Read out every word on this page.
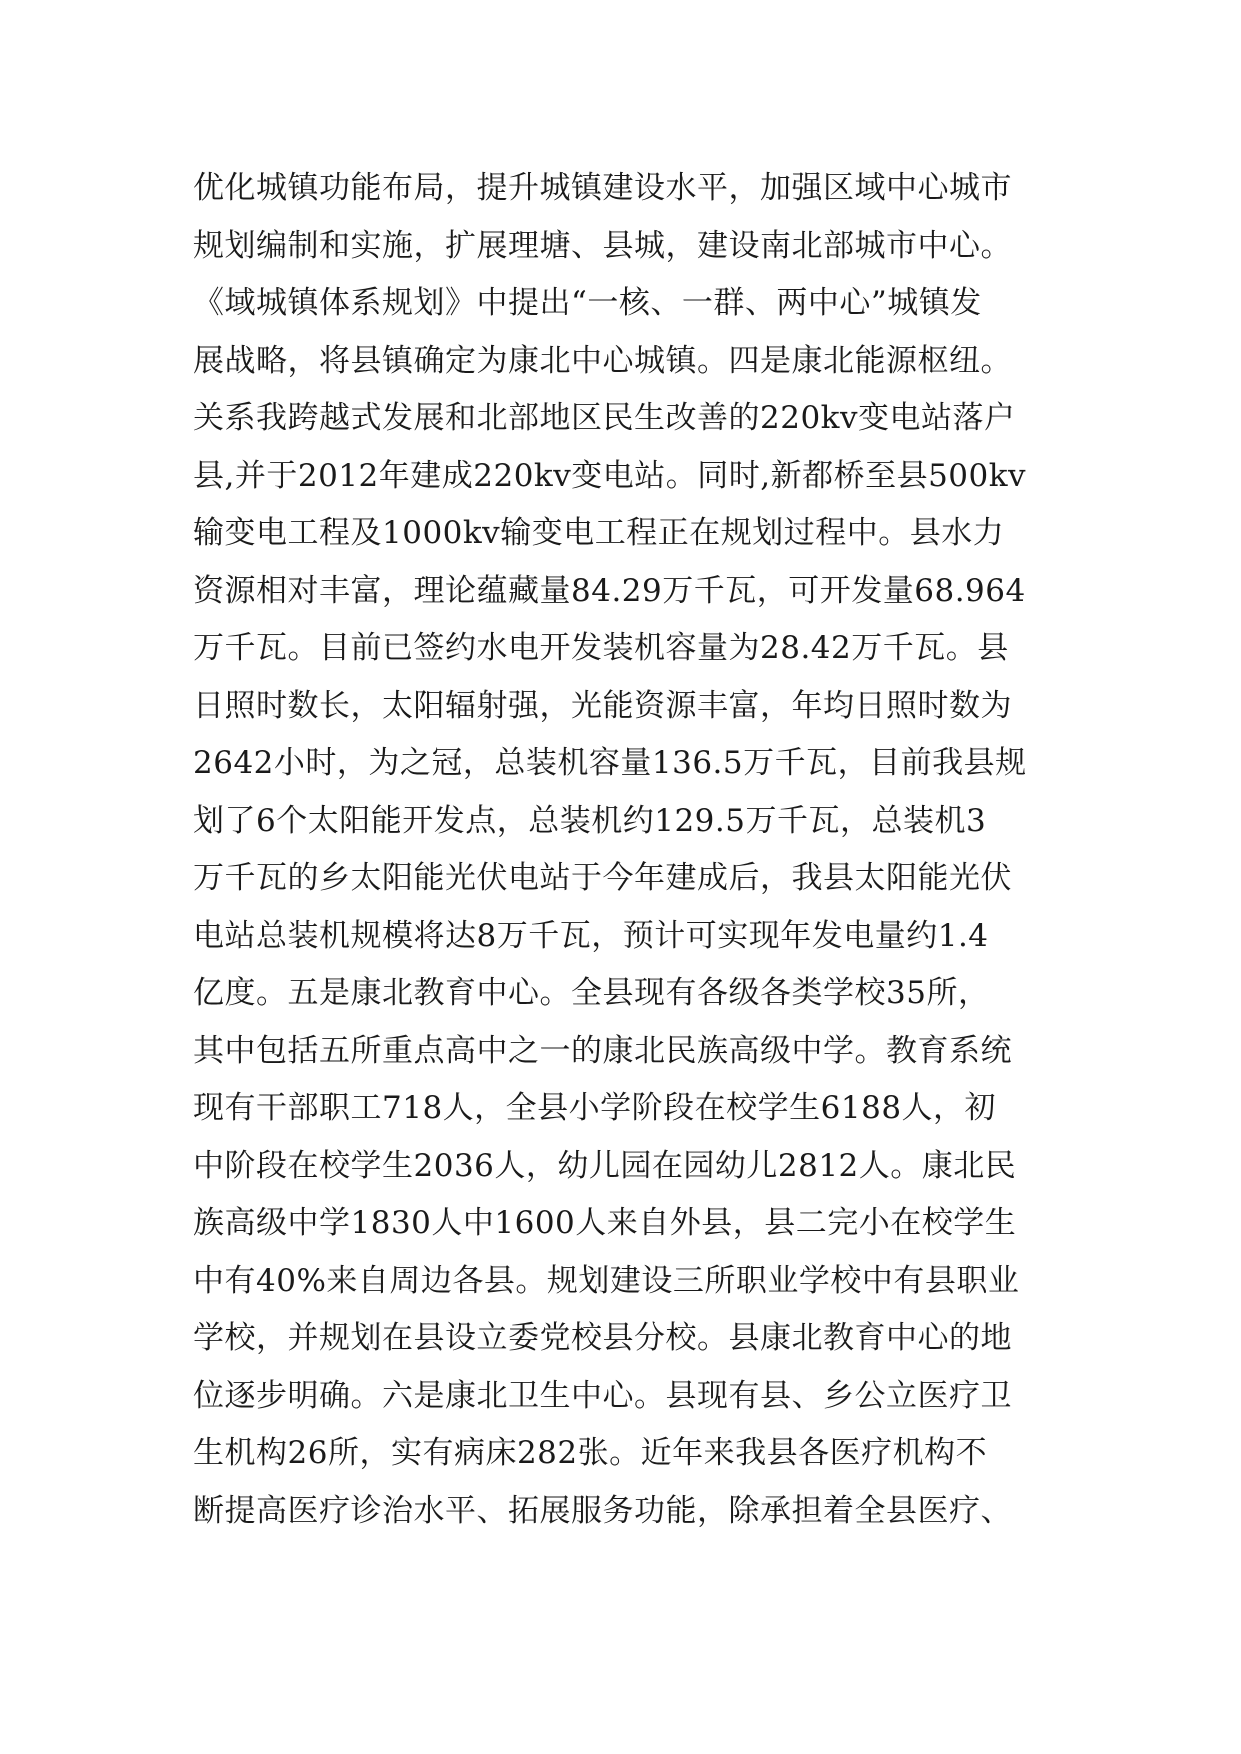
优化城镇功能布局，提升城镇建设水平，加强区域中心城市
规划编制和实施，扩展理塘、县城，建设南北部城市中心。
《域城镇体系规划》中提出“一核、一群、两中心”城镇发
展战略，将县镇确定为康北中心城镇。四是康北能源枢纽。
关系我跨越式发展和北部地区民生改善的220kv变电站落户
县,并于2012年建成220kv变电站。同时,新都桥至县500kv
输变电工程及1000kv输变电工程正在规划过程中。县水力
资源相对丰富，理论蕴藏量84.29万千瓦，可开发量68.964
万千瓦。目前已签约水电开发装机容量为28.42万千瓦。县
日照时数长，太阳辐射强，光能资源丰富，年均日照时数为
2642小时，为之冠，总装机容量136.5万千瓦，目前我县规
划了6个太阳能开发点，总装机约129.5万千瓦，总装机3
万千瓦的乡太阳能光伏电站于今年建成后，我县太阳能光伏
电站总装机规模将达8万千瓦，预计可实现年发电量约1.4
亿度。五是康北教育中心。全县现有各级各类学校35所，
其中包括五所重点高中之一的康北民族高级中学。教育系统
现有干部职工718人，全县小学阶段在校学生6188人，初
中阶段在校学生2036人，幼儿园在园幼儿2812人。康北民
族高级中学1830人中1600人来自外县，县二完小在校学生
中有40%来自周边各县。规划建设三所职业学校中有县职业
学校，并规划在县设立委党校县分校。县康北教育中心的地
位逐步明确。六是康北卫生中心。县现有县、乡公立医疗卫
生机构26所，实有病床282张。近年来我县各医疗机构不
断提高医疗诊治水平、拓展服务功能，除承担着全县医疗、
